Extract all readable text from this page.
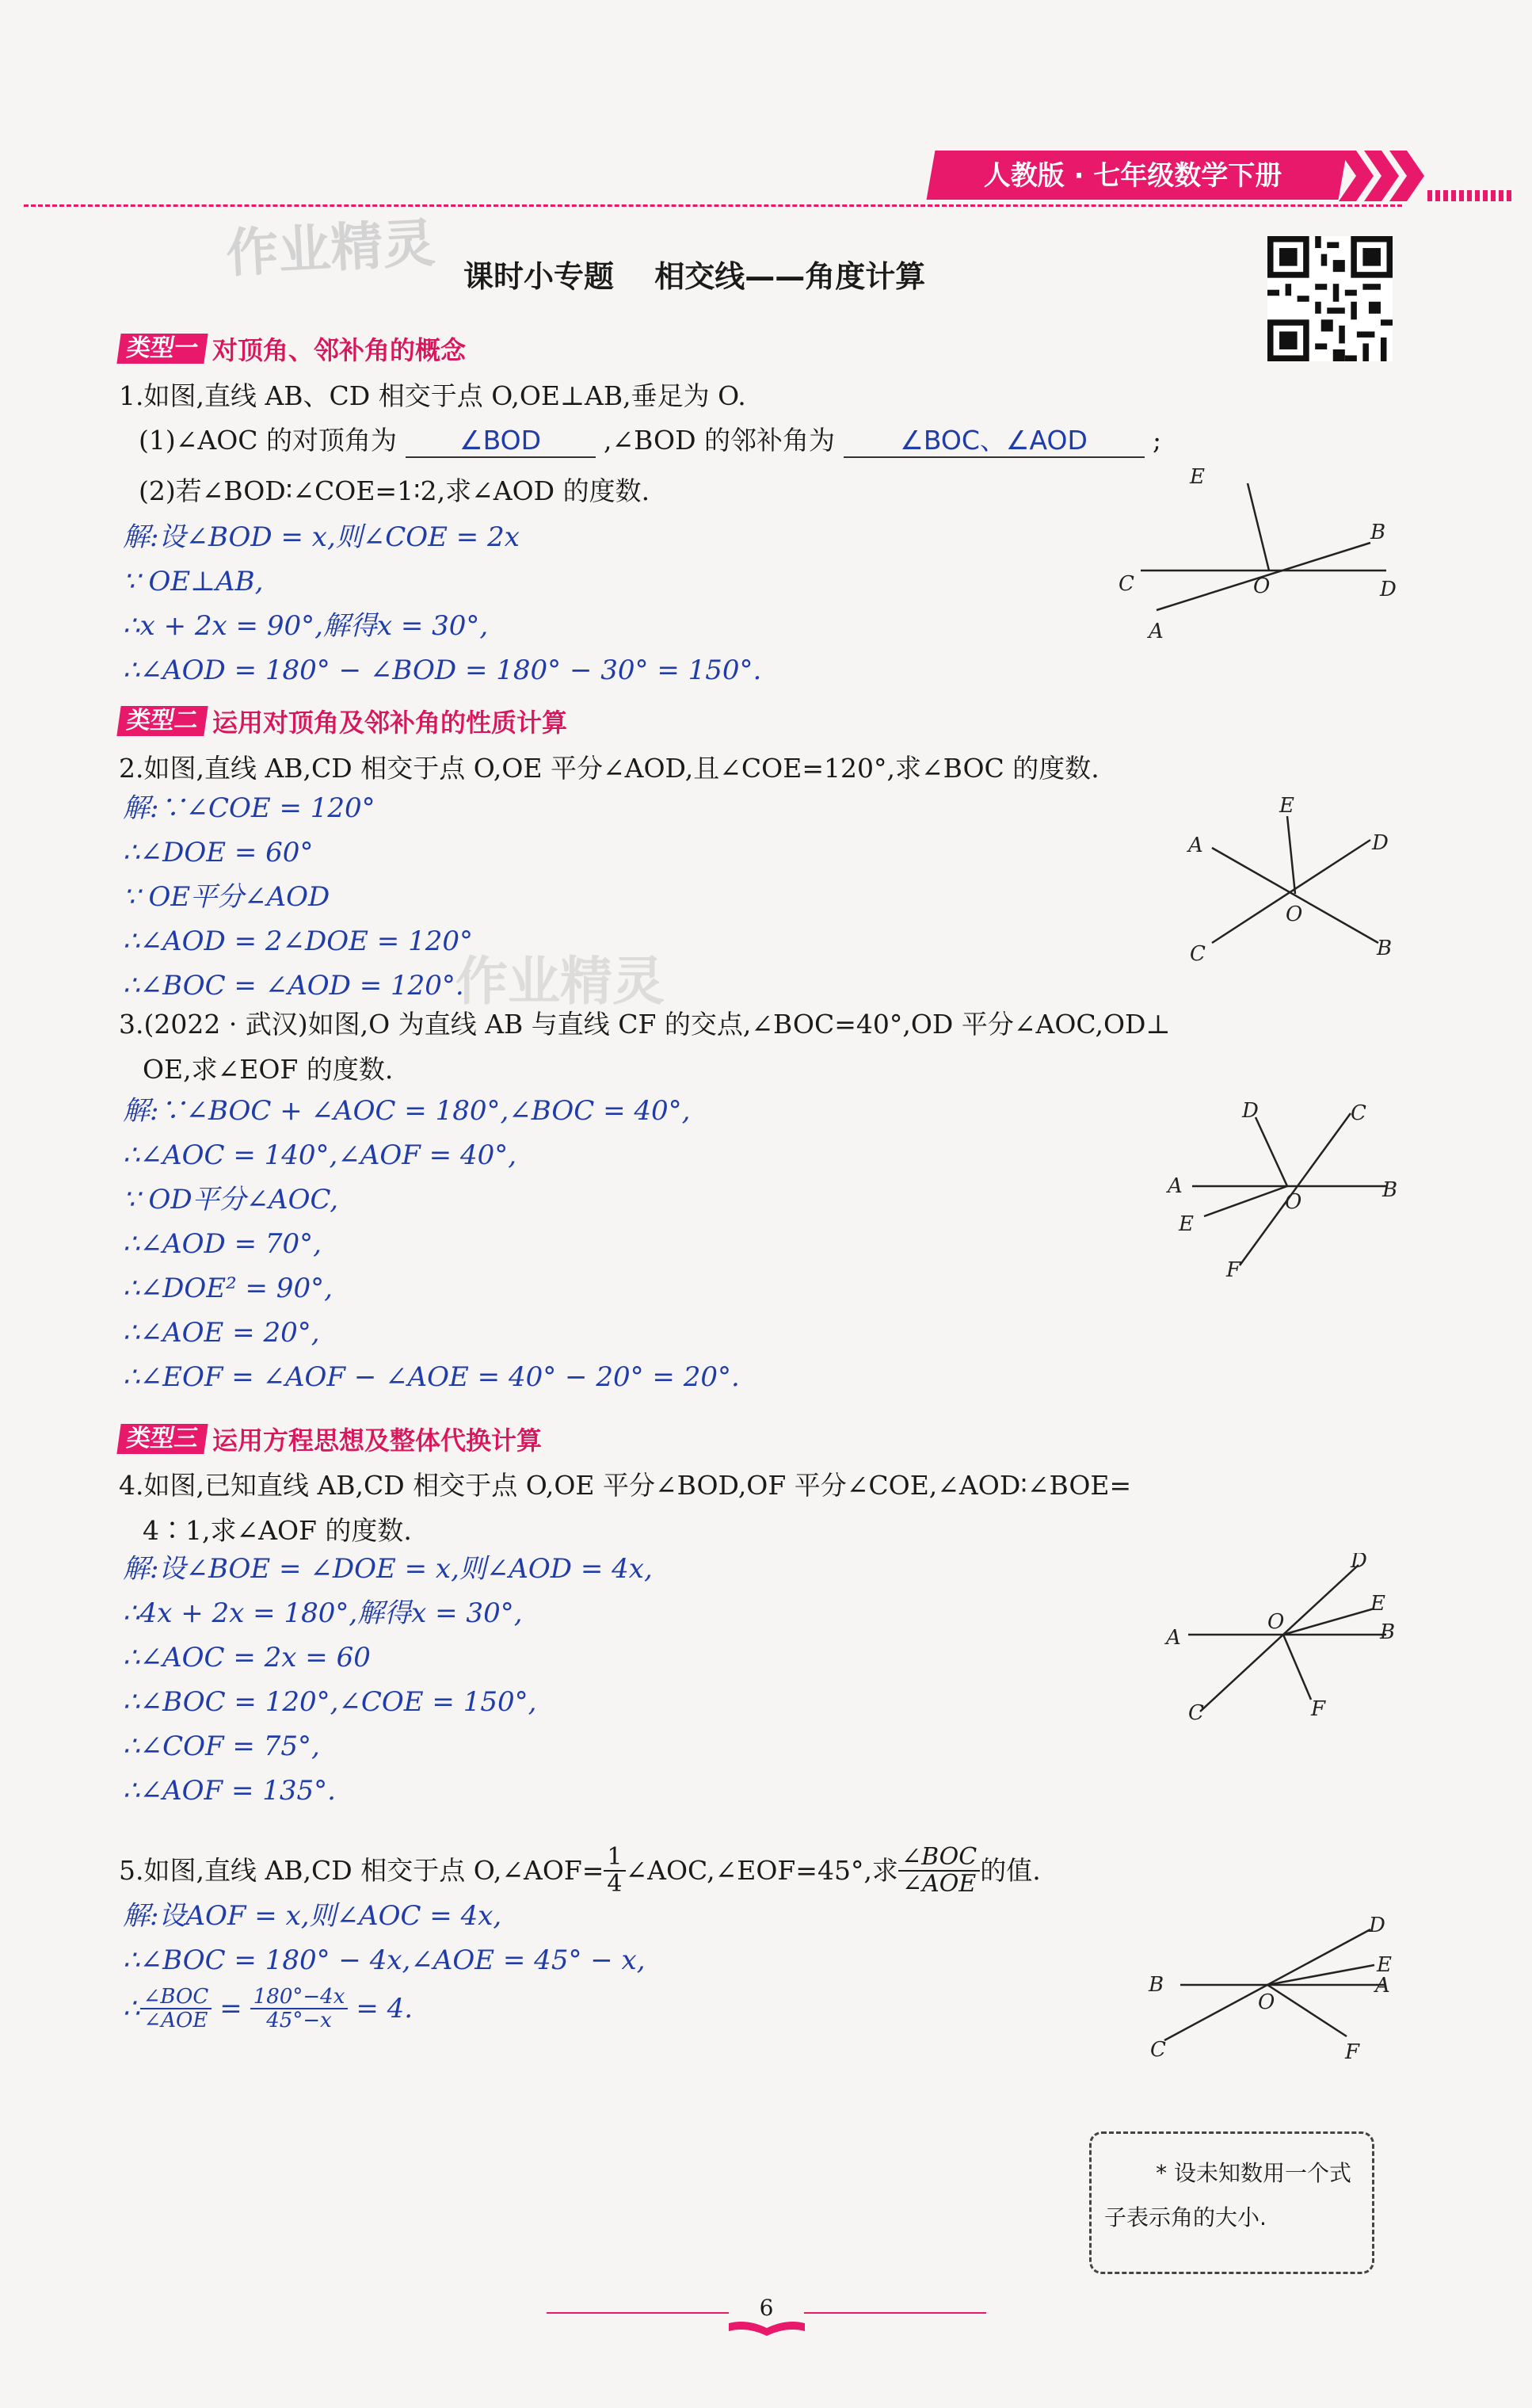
人教版 · 七年级数学下册
作业精灵
作业精灵
课时小专题　 相交线——角度计算
类型一 对顶角、邻补角的概念
1.如图,直线 AB、CD 相交于点 O,OE⊥AB,垂足为 O.
(1)∠AOC 的对顶角为 ∠BOD ,∠BOD 的邻补角为 ∠BOC、∠AOD ;
(2)若∠BOD∶∠COE=1∶2,求∠AOD 的度数.
解:设∠BOD = x,则∠COE = 2x
∵ OE⊥AB,
∴x + 2x = 90°,解得x = 30°,
∴∠AOD = 180° − ∠BOD = 180° − 30° = 150°.
E
B
C	O	D
A
类型二 运用对顶角及邻补角的性质计算
2.如图,直线 AB,CD 相交于点 O,OE 平分∠AOD,且∠COE=120°,求∠BOC 的度数.
解:∵∠COE = 120°
∴∠DOE = 60°
∵ OE平分∠AOD
∴∠AOD = 2∠DOE = 120°
∴∠BOC = ∠AOD = 120°.
E
A	D
O
C	B
3.(2022 · 武汉)如图,O 为直线 AB 与直线 CF 的交点,∠BOC=40°,OD 平分∠AOC,OD⊥
OE,求∠EOF 的度数.
解:∵∠BOC + ∠AOC = 180°,∠BOC = 40°,
∴∠AOC = 140°,∠AOF = 40°,
∵ OD平分∠AOC,
∴∠AOD = 70°,
∴∠DOE² = 90°,
∴∠AOE = 20°,
∴∠EOF = ∠AOF − ∠AOE = 40° − 20° = 20°.
D	C
A
O	B
E
F
类型三 运用方程思想及整体代换计算
4.如图,已知直线 AB,CD 相交于点 O,OE 平分∠BOD,OF 平分∠COE,∠AOD∶∠BOE=
4∶1,求∠AOF 的度数.
解:设∠BOE = ∠DOE = x,则∠AOD = 4x,
∴4x + 2x = 180°,解得x = 30°,
∴∠AOC = 2x = 60
∴∠BOC = 120°,∠COE = 150°,
∴∠COF = 75°,
∴∠AOF = 135°.
D
E
A
O	B
C	F
5.如图,直线 AB,CD 相交于点 O,∠AOF= $\frac{1}{4}$ ∠AOC,∠EOF=45°,求 $\frac{\text{∠BOC}}{\text{∠AOE}}$ 的值.
解:设AOF = x,则∠AOC = 4x,
∴∠BOC = 180° − 4x,∠AOE = 45° − x,
∴ $\frac{\text{∠BOC}}{\text{∠AOE}} = \frac{180^\circ-4x}{45^\circ-x} = 4$.
D
E
B	A
O
C	F
* 设未知数用一个式
子表示角的大小.
6
